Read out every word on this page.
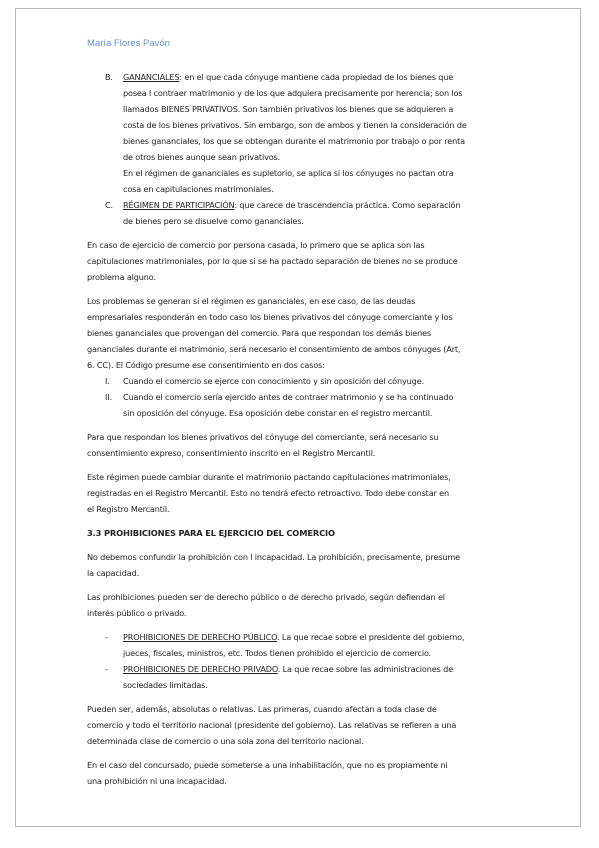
María Flores Pavón
B. GANANCIALES: en el que cada cónyuge mantiene cada propiedad de los bienes que
posea l contraer matrimonio y de los que adquiera precisamente por herencia; son los
llamados BIENES PRIVATIVOS. Son también privativos los bienes que se adquieren a
costa de los bienes privativos. Sin embargo, son de ambos y tienen la consideración de
bienes gananciales, los que se obtengan durante el matrimonio por trabajo o por renta
de otros bienes aunque sean privativos.
En el régimen de gananciales es supletorio, se aplica si los cónyuges no pactan otra
cosa en capitulaciones matrimoniales.

C. RÉGIMEN DE PARTICIPACIÓN: que carece de trascendencia práctica. Como separación
de bienes pero se disuelve como gananciales.

En caso de ejercicio de comercio por persona casada, lo primero que se aplica son las
capitulaciones matrimoniales, por lo que si se ha pactado separación de bienes no se produce
problema alguno.

Los problemas se generan si el régimen es gananciales, en ese caso, de las deudas
empresariales responderán en todo caso los bienes privativos del cónyuge comerciante y los
bienes gananciales que provengan del comercio. Para que respondan los demás bienes
gananciales durante el matrimonio, será necesario el consentimiento de ambos cónyuges (Art,
6. CC). El Código presume ese consentimiento en dos casos:

I. Cuando el comercio se ejerce con conocimiento y sin oposición del cónyuge.

II. Cuando el comercio sería ejercido antes de contraer matrimonio y se ha continuado
sin oposición del cónyuge. Esa oposición debe constar en el registro mercantil.

Para que respondan los bienes privativos del cónyuge del comerciante, será necesario su
consentimiento expreso, consentimiento inscrito en el Registro Mercantil.

Este régimen puede cambiar durante el matrimonio pactando capitulaciones matrimoniales,
registradas en el Registro Mercantil. Esto no tendrá efecto retroactivo. Todo debe constar en
el Registro Mercantil.

3.3 PROHIBICIONES PARA EL EJERCICIO DEL COMERCIO

No debemos confundir la prohibición con l incapacidad. La prohibición, precisamente, presume
la capacidad.

Las prohibiciones pueden ser de derecho público o de derecho privado, según defiendan el
interés público o privado.

- PROHIBICIONES DE DERECHO PÚBLICO. La que recae sobre el presidente del gobierno,
jueces, fiscales, ministros, etc. Todos tienen prohibido el ejercicio de comercio.

- PROHIBICIONES DE DERECHO PRIVADO. La que recae sobre las administraciones de
sociedades limitadas.

Pueden ser, además, absolutas o relativas. Las primeras, cuando afectan a toda clase de
comercio y todo el territorio nacional (presidente del gobierno). Las relativas se refieren a una
determinada clase de comercio o una sola zona del territorio nacional.

En el caso del concursado, puede someterse a una inhabilitación, que no es propiamente ni
una prohibición ni una incapacidad.
